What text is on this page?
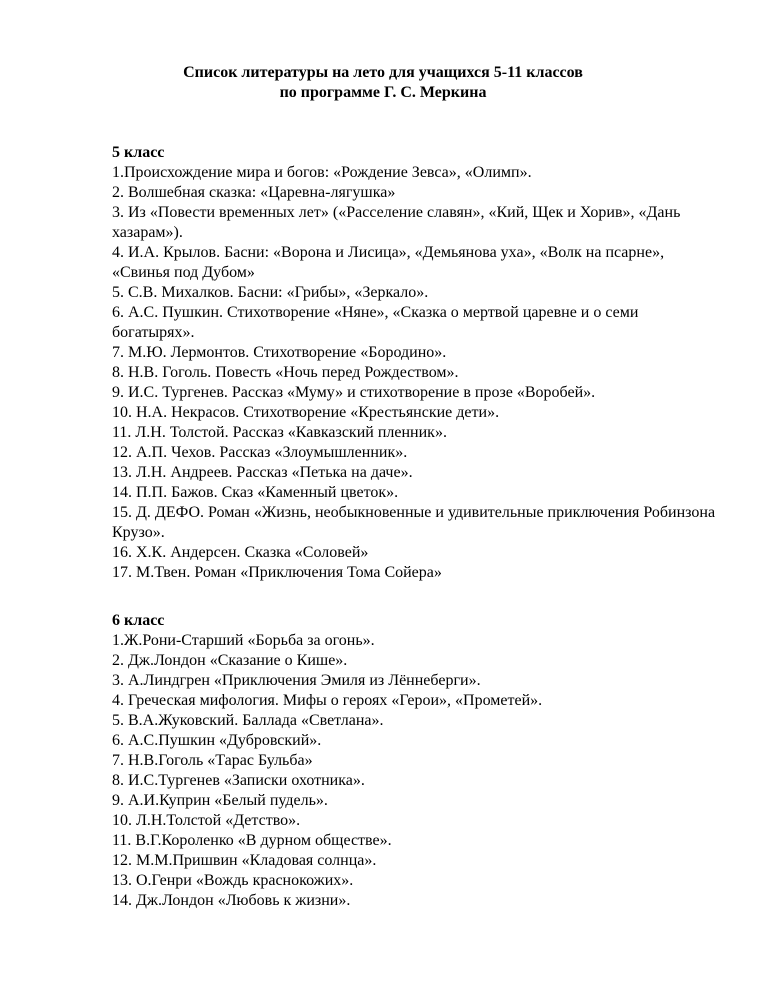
Список литературы на лето для учащихся 5-11 классов
по программе Г. С. Меркина
5 класс
1.Происхождение мира и богов: «Рождение Зевса», «Олимп».
2. Волшебная сказка: «Царевна-лягушка»
3. Из «Повести временных лет» («Расселение славян», «Кий, Щек и Хорив», «Дань хазарам»).
4. И.А. Крылов. Басни: «Ворона и Лисица», «Демьянова уха», «Волк на псарне», «Свинья под Дубом»
5. С.В. Михалков. Басни: «Грибы», «Зеркало».
6. А.С. Пушкин. Стихотворение «Няне», «Сказка о мертвой царевне и о семи богатырях».
7. М.Ю. Лермонтов. Стихотворение «Бородино».
8. Н.В. Гоголь. Повесть «Ночь перед Рождеством».
9. И.С. Тургенев. Рассказ «Муму» и стихотворение в прозе «Воробей».
10. Н.А. Некрасов. Стихотворение «Крестьянские дети».
11. Л.Н. Толстой. Рассказ «Кавказский пленник».
12. А.П. Чехов. Рассказ «Злоумышленник».
13. Л.Н. Андреев. Рассказ «Петька на даче».
14. П.П. Бажов. Сказ «Каменный цветок».
15. Д. ДЕФО. Роман «Жизнь, необыкновенные и удивительные приключения Робинзона Крузо».
16. Х.К. Андерсен. Сказка «Соловей»
17. М.Твен. Роман «Приключения Тома Сойера»
6 класс
1.Ж.Рони-Старший «Борьба за огонь».
2. Дж.Лондон «Сказание о Кише».
3. А.Линдгрен «Приключения Эмиля из Лённеберги».
4. Греческая мифология. Мифы о героях «Герои», «Прометей».
5. В.А.Жуковский. Баллада «Светлана».
6. А.С.Пушкин «Дубровский».
7. Н.В.Гоголь «Тарас Бульба»
8. И.С.Тургенев «Записки охотника».
9. А.И.Куприн «Белый пудель».
10. Л.Н.Толстой «Детство».
11. В.Г.Короленко «В дурном обществе».
12. М.М.Пришвин «Кладовая солнца».
13. О.Генри «Вождь краснокожих».
14. Дж.Лондон «Любовь к жизни».
